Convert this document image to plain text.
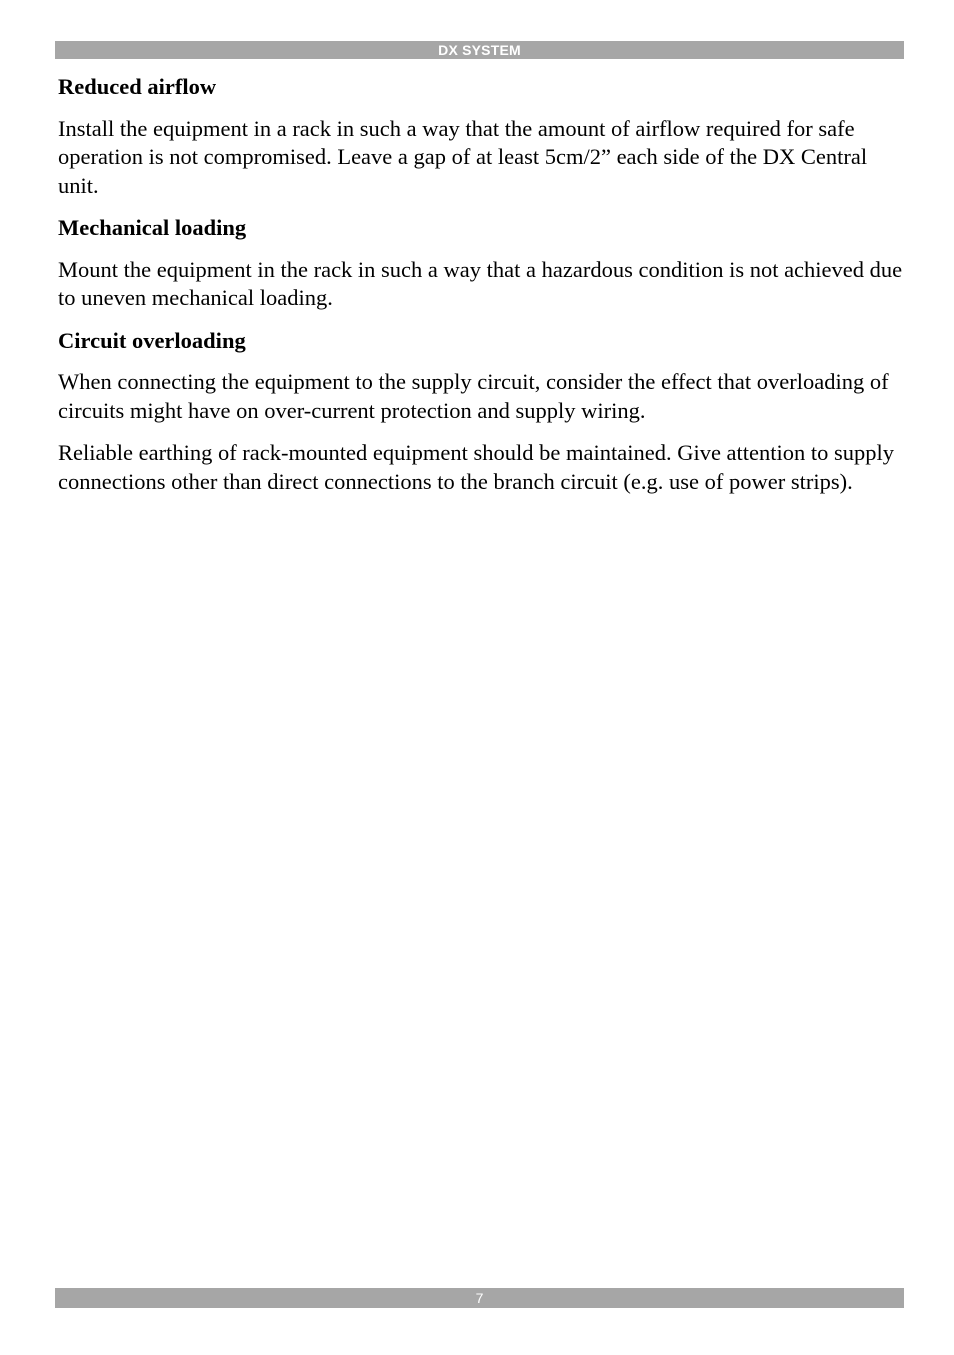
DX SYSTEM

Reduced airflow

Install the equipment in a rack in such a way that the amount of airflow required for safe operation is not compromised. Leave a gap of at least 5cm/2” each side of the DX Central unit.

Mechanical loading

Mount the equipment in the rack in such a way that a hazardous condition is not achieved due to uneven mechanical loading.

Circuit overloading

When connecting the equipment to the supply circuit, consider the effect that overloading of circuits might have on over-current protection and supply wiring.

Reliable earthing of rack-mounted equipment should be maintained. Give attention to supply connections other than direct connections to the branch circuit (e.g. use of power strips).

7
